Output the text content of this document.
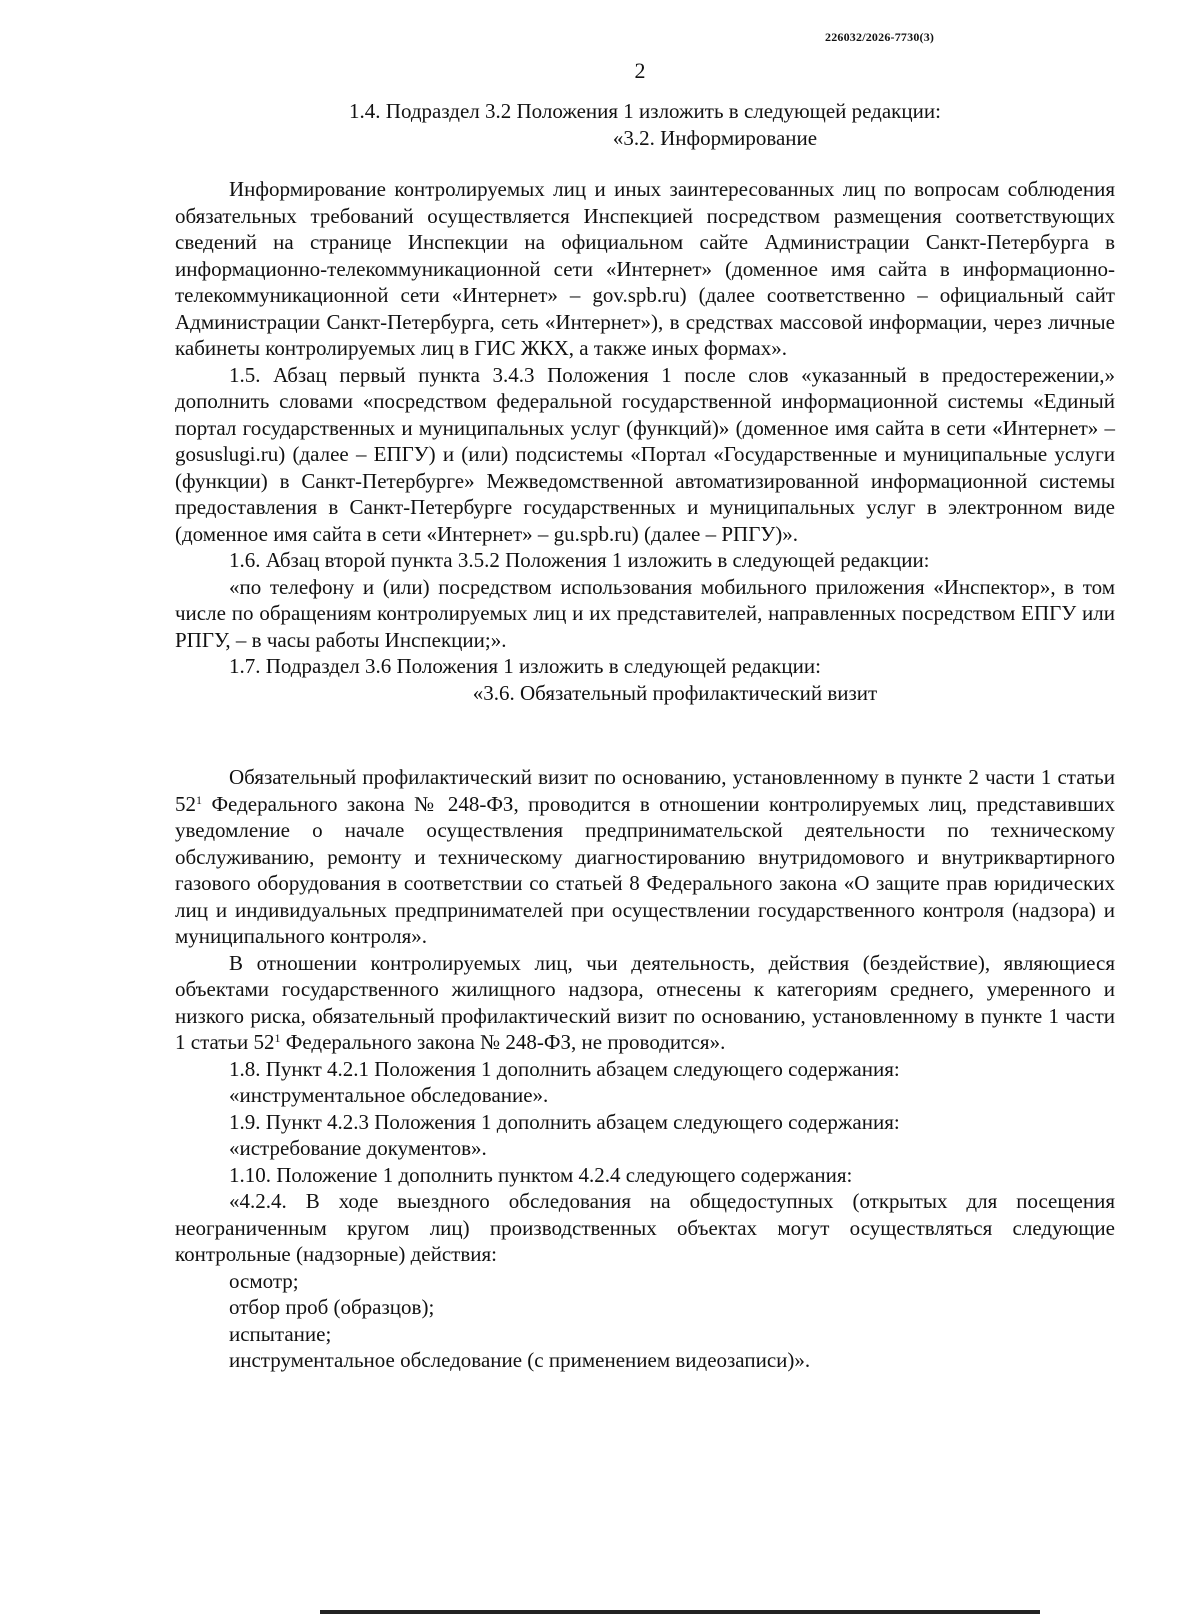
226032/2026-7730(3)
2

1.4. Подраздел 3.2 Положения 1 изложить в следующей редакции:

«3.2. Информирование

Информирование контролируемых лиц и иных заинтересованных лиц по вопросам соблюдения обязательных требований осуществляется Инспекцией посредством размещения соответствующих сведений на странице Инспекции на официальном сайте Администрации Санкт-Петербурга в информационно-телекоммуникационной сети «Интернет» (доменное имя сайта в информационно-телекоммуникационной сети «Интернет» – gov.spb.ru) (далее соответственно – официальный сайт Администрации Санкт-Петербурга, сеть «Интернет»), в средствах массовой информации, через личные кабинеты контролируемых лиц в ГИС ЖКХ, а также иных формах».

1.5. Абзац первый пункта 3.4.3 Положения 1 после слов «указанный в предостережении,» дополнить словами «посредством федеральной государственной информационной системы «Единый портал государственных и муниципальных услуг (функций)» (доменное имя сайта в сети «Интернет» – gosuslugi.ru) (далее – ЕПГУ) и (или) подсистемы «Портал «Государственные и муниципальные услуги (функции) в Санкт-Петербурге» Межведомственной автоматизированной информационной системы предоставления в Санкт-Петербурге государственных и муниципальных услуг в электронном виде (доменное имя сайта в сети «Интернет» – gu.spb.ru) (далее – РПГУ)».

1.6. Абзац второй пункта 3.5.2 Положения 1 изложить в следующей редакции:

«по телефону и (или) посредством использования мобильного приложения «Инспектор», в том числе по обращениям контролируемых лиц и их представителей, направленных посредством ЕПГУ или РПГУ, – в часы работы Инспекции;».

1.7. Подраздел 3.6 Положения 1 изложить в следующей редакции:

«3.6. Обязательный профилактический визит

Обязательный профилактический визит по основанию, установленному в пункте 2 части 1 статьи $52^1$ Федерального закона № 248-ФЗ, проводится в отношении контролируемых лиц, представивших уведомление о начале осуществления предпринимательской деятельности по техническому обслуживанию, ремонту и техническому диагностированию внутридомового и внутриквартирного газового оборудования в соответствии со статьей 8 Федерального закона «О защите прав юридических лиц и индивидуальных предпринимателей при осуществлении государственного контроля (надзора) и муниципального контроля».

В отношении контролируемых лиц, чьи деятельность, действия (бездействие), являющиеся объектами государственного жилищного надзора, отнесены к категориям среднего, умеренного и низкого риска, обязательный профилактический визит по основанию, установленному в пункте 1 части 1 статьи $52^1$ Федерального закона № 248-ФЗ, не проводится».

1.8. Пункт 4.2.1 Положения 1 дополнить абзацем следующего содержания:

«инструментальное обследование».

1.9. Пункт 4.2.3 Положения 1 дополнить абзацем следующего содержания:

«истребование документов».

1.10. Положение 1 дополнить пунктом 4.2.4 следующего содержания:

«4.2.4. В ходе выездного обследования на общедоступных (открытых для посещения неограниченным кругом лиц) производственных объектах могут осуществляться следующие контрольные (надзорные) действия:

осмотр;

отбор проб (образцов);

испытание;

инструментальное обследование (с применением видеозаписи)».
